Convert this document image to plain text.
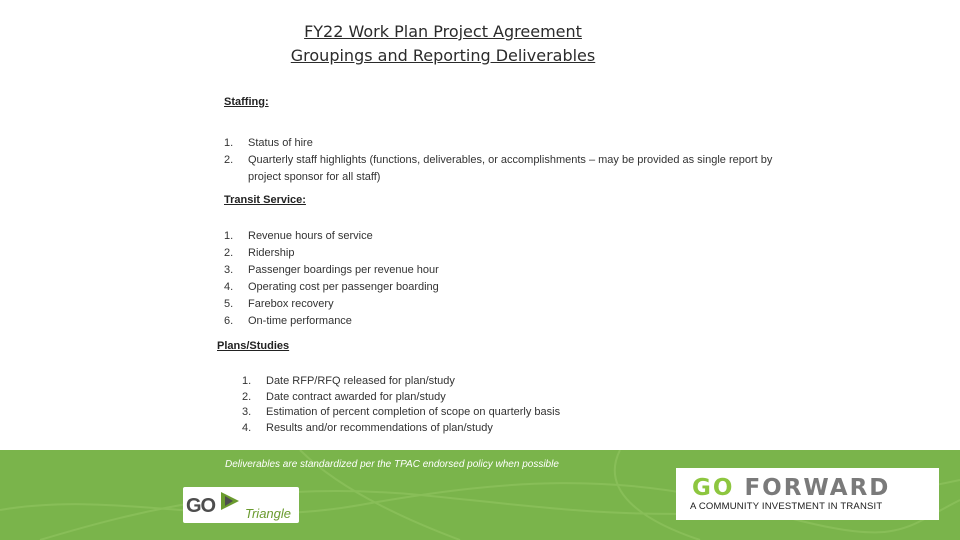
FY22 Work Plan Project Agreement
Groupings and Reporting Deliverables
Staffing:
1. Status of hire
2. Quarterly staff highlights (functions, deliverables, or accomplishments – may be provided as single report by project sponsor for all staff)
Transit Service:
1. Revenue hours of service
2. Ridership
3. Passenger boardings per revenue hour
4. Operating cost per passenger boarding
5. Farebox recovery
6. On-time performance
Plans/Studies
1. Date RFP/RFQ released for plan/study
2. Date contract awarded for plan/study
3. Estimation of percent completion of scope on quarterly basis
4. Results and/or recommendations of plan/study
Deliverables are standardized per the TPAC endorsed policy when possible
GO Triangle
GO FORWARD
A COMMUNITY INVESTMENT IN TRANSIT
